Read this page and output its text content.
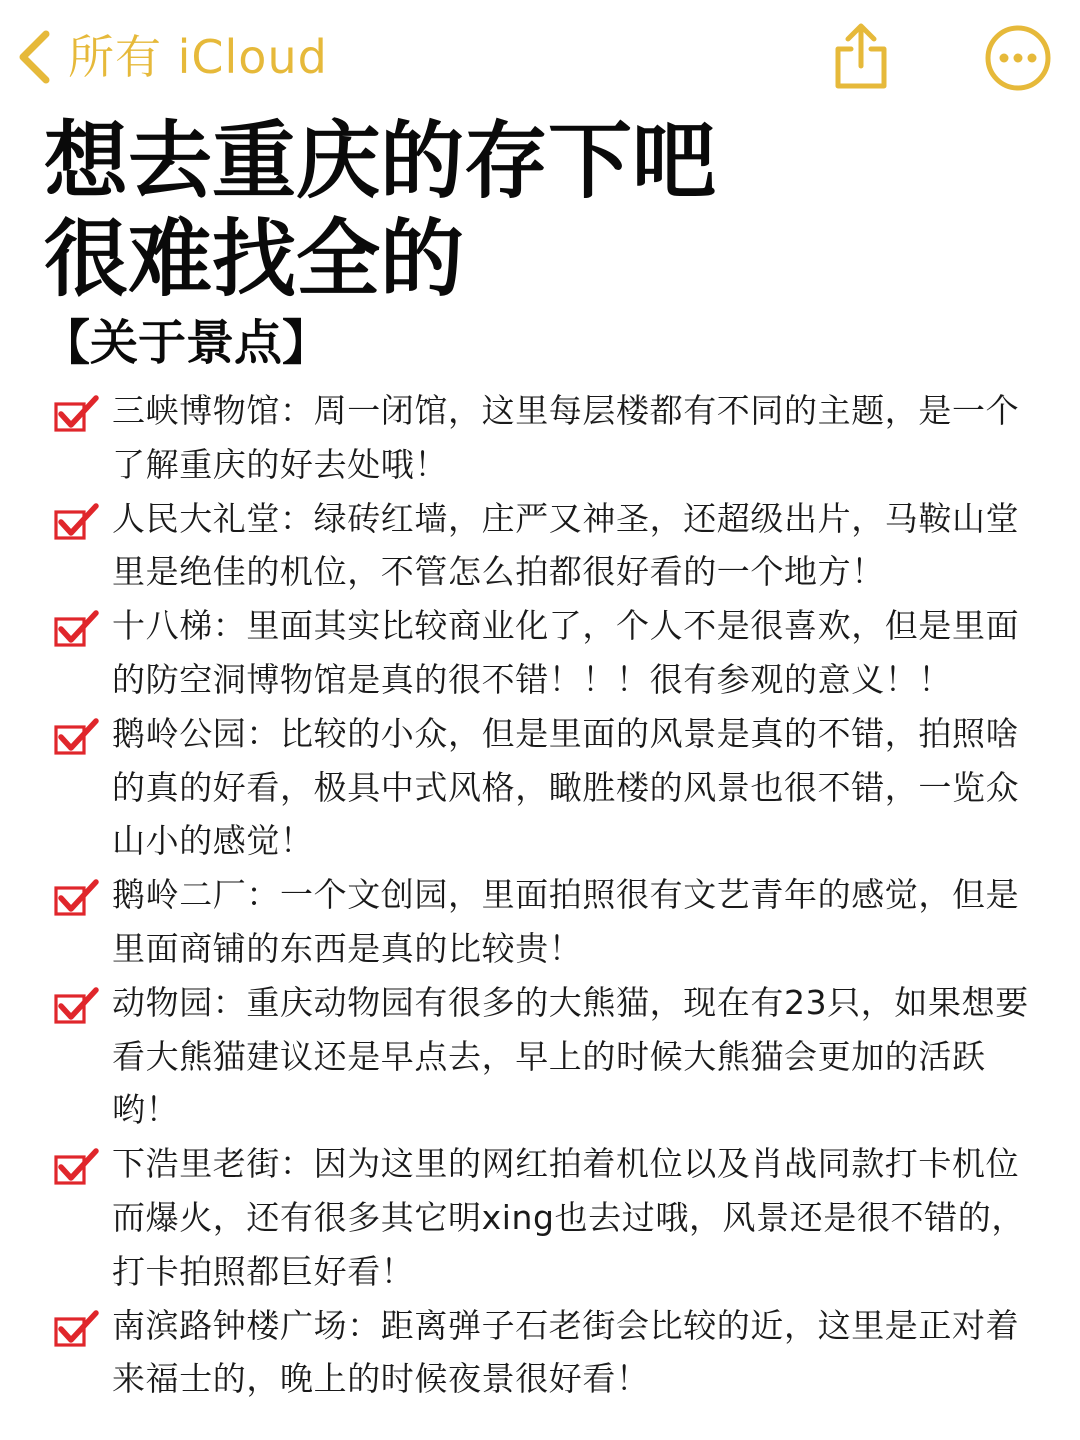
所有 iCloud
想去重庆的存下吧
很难找全的
【关于景点】
三峡博物馆：周一闭馆，这里每层楼都有不同的主题，是一个了解重庆的好去处哦！
人民大礼堂：绿砖红墙，庄严又神圣，还超级出片，马鞍山堂里是绝佳的机位，不管怎么拍都很好看的一个地方！
十八梯：里面其实比较商业化了，个人不是很喜欢，但是里面的防空洞博物馆是真的很不错！！！很有参观的意义！！
鹅岭公园：比较的小众，但是里面的风景是真的不错，拍照啥的真的好看，极具中式风格，瞰胜楼的风景也很不错，一览众山小的感觉！
鹅岭二厂：一个文创园，里面拍照很有文艺青年的感觉，但是里面商铺的东西是真的比较贵！
动物园：重庆动物园有很多的大熊猫，现在有23只，如果想要看大熊猫建议还是早点去，早上的时候大熊猫会更加的活跃哟！
下浩里老街：因为这里的网红拍着机位以及肖战同款打卡机位而爆火，还有很多其它明xing也去过哦，风景还是很不错的，打卡拍照都巨好看！
南滨路钟楼广场：距离弹子石老街会比较的近，这里是正对着来福士的，晚上的时候夜景很好看！
